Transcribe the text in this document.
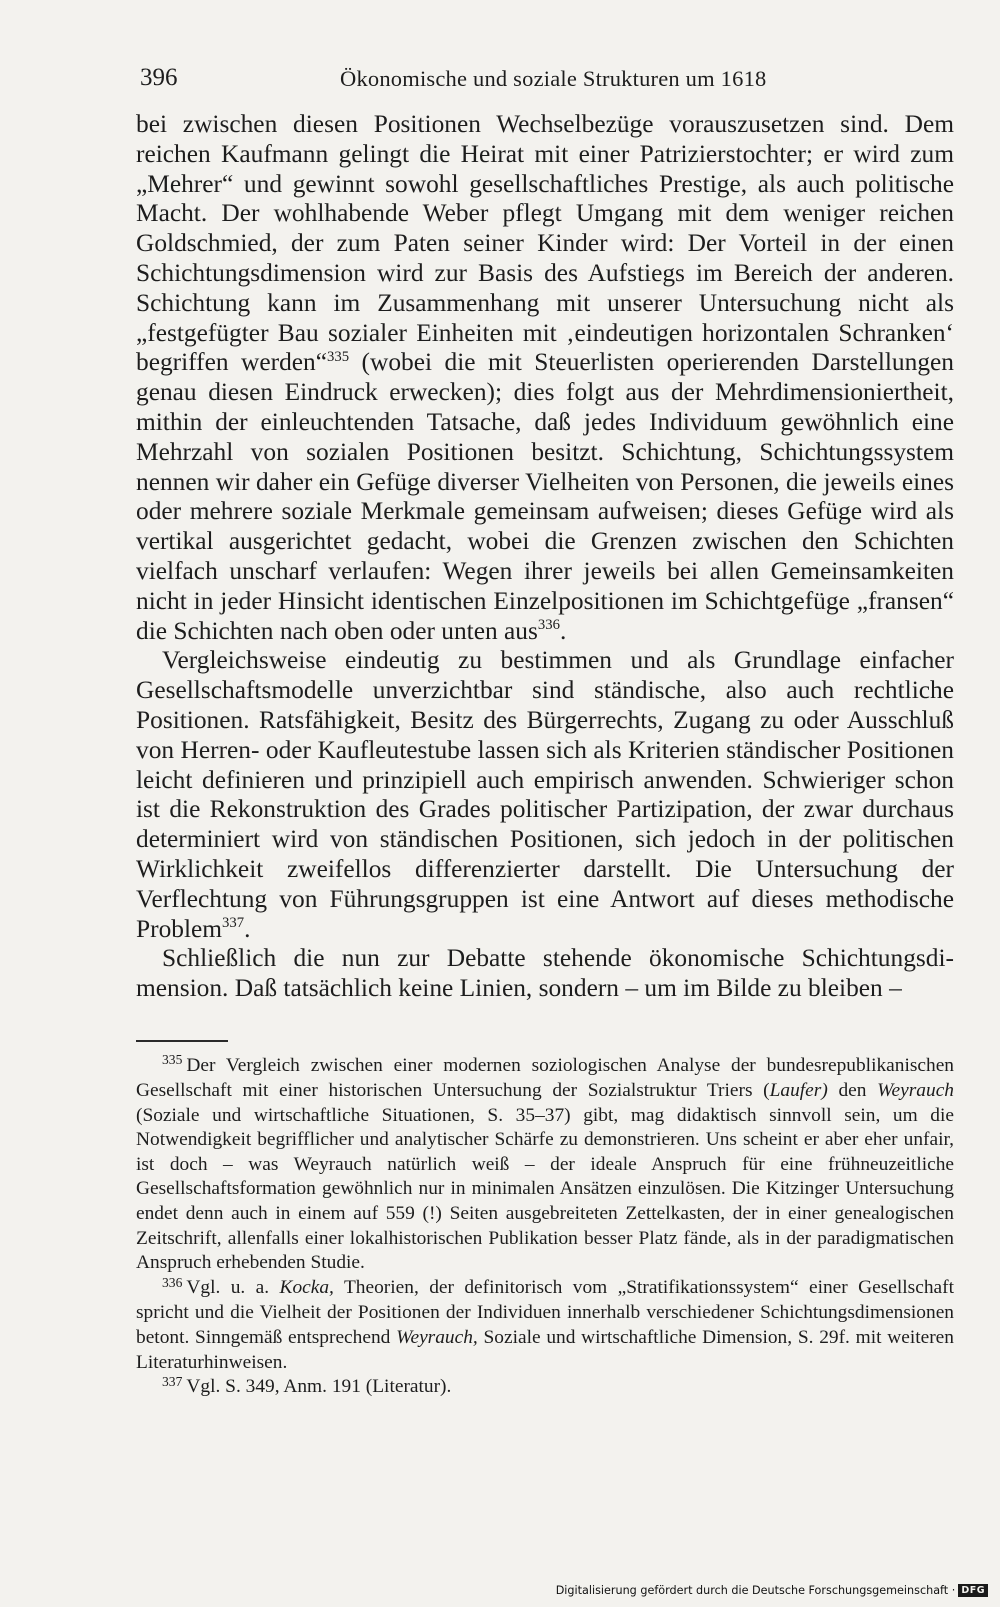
396	Ökonomische und soziale Strukturen um 1618

bei zwischen diesen Positionen Wechselbezüge vorauszusetzen sind. Dem reichen Kaufmann gelingt die Heirat mit einer Patrizierstochter; er wird zum „Mehrer“ und gewinnt sowohl gesellschaftliches Prestige, als auch politische Macht. Der wohlhabende Weber pflegt Umgang mit dem weniger reichen Goldschmied, der zum Paten seiner Kinder wird: Der Vorteil in der einen Schichtungsdimension wird zur Basis des Aufstiegs im Bereich der anderen. Schichtung kann im Zusammenhang mit unserer Untersuchung nicht als „festgefügter Bau sozialer Einheiten mit ‚eindeutigen horizontalen Schranken‘ begriffen werden“$^{335}$ (wobei die mit Steuerlisten operierenden Darstellungen genau diesen Eindruck erwecken); dies folgt aus der Mehrdimensioniertheit, mithin der einleuchtenden Tatsache, daß jedes Individuum gewöhnlich eine Mehrzahl von sozialen Positionen besitzt. Schichtung, Schichtungssystem nennen wir daher ein Gefüge diverser Vielheiten von Personen, die jeweils eines oder mehrere soziale Merkmale gemeinsam aufweisen; dieses Gefüge wird als vertikal ausgerichtet gedacht, wobei die Grenzen zwischen den Schichten vielfach unscharf verlaufen: Wegen ihrer jeweils bei allen Gemeinsamkeiten nicht in jeder Hinsicht identischen Einzelpositionen im Schichtgefüge „fransen“ die Schichten nach oben oder unten aus$^{336}$.

Vergleichsweise eindeutig zu bestimmen und als Grundlage einfacher Gesellschaftsmodelle unverzichtbar sind ständische, also auch rechtliche Positionen. Ratsfähigkeit, Besitz des Bürgerrechts, Zugang zu oder Ausschluß von Herren- oder Kaufleutestube lassen sich als Kriterien ständischer Positionen leicht definieren und prinzipiell auch empirisch anwenden. Schwieriger schon ist die Rekonstruktion des Grades politischer Partizipation, der zwar durchaus determiniert wird von ständischen Positionen, sich jedoch in der politischen Wirklichkeit zweifellos differenzierter darstellt. Die Untersuchung der Verflechtung von Führungsgruppen ist eine Antwort auf dieses methodische Problem$^{337}$.

Schließlich die nun zur Debatte stehende ökonomische Schichtungsdimension. Daß tatsächlich keine Linien, sondern – um im Bilde zu bleiben –

$^{335}$ Der Vergleich zwischen einer modernen soziologischen Analyse der bundesrepublikanischen Gesellschaft mit einer historischen Untersuchung der Sozialstruktur Triers (Laufer) den Weyrauch (Soziale und wirtschaftliche Situationen, S. 35–37) gibt, mag didaktisch sinnvoll sein, um die Notwendigkeit begrifflicher und analytischer Schärfe zu demonstrieren. Uns scheint er aber eher unfair, ist doch – was Weyrauch natürlich weiß – der ideale Anspruch für eine frühneuzeitliche Gesellschaftsformation gewöhnlich nur in minimalen Ansätzen einzulösen. Die Kitzinger Untersuchung endet denn auch in einem auf 559 (!) Seiten ausgebreiteten Zettelkasten, der in einer genealogischen Zeitschrift, allenfalls einer lokalhistorischen Publikation besser Platz fände, als in der paradigmatischen Anspruch erhebenden Studie.

$^{336}$ Vgl. u. a. Kocka, Theorien, der definitorisch vom „Stratifikationssystem“ einer Gesellschaft spricht und die Vielheit der Positionen der Individuen innerhalb verschiedener Schichtungsdimensionen betont. Sinngemäß entsprechend Weyrauch, Soziale und wirtschaftliche Dimension, S. 29f. mit weiteren Literaturhinweisen.

$^{337}$ Vgl. S. 349, Anm. 191 (Literatur).

Digitalisierung gefördert durch die Deutsche Forschungsgemeinschaft · DFG
